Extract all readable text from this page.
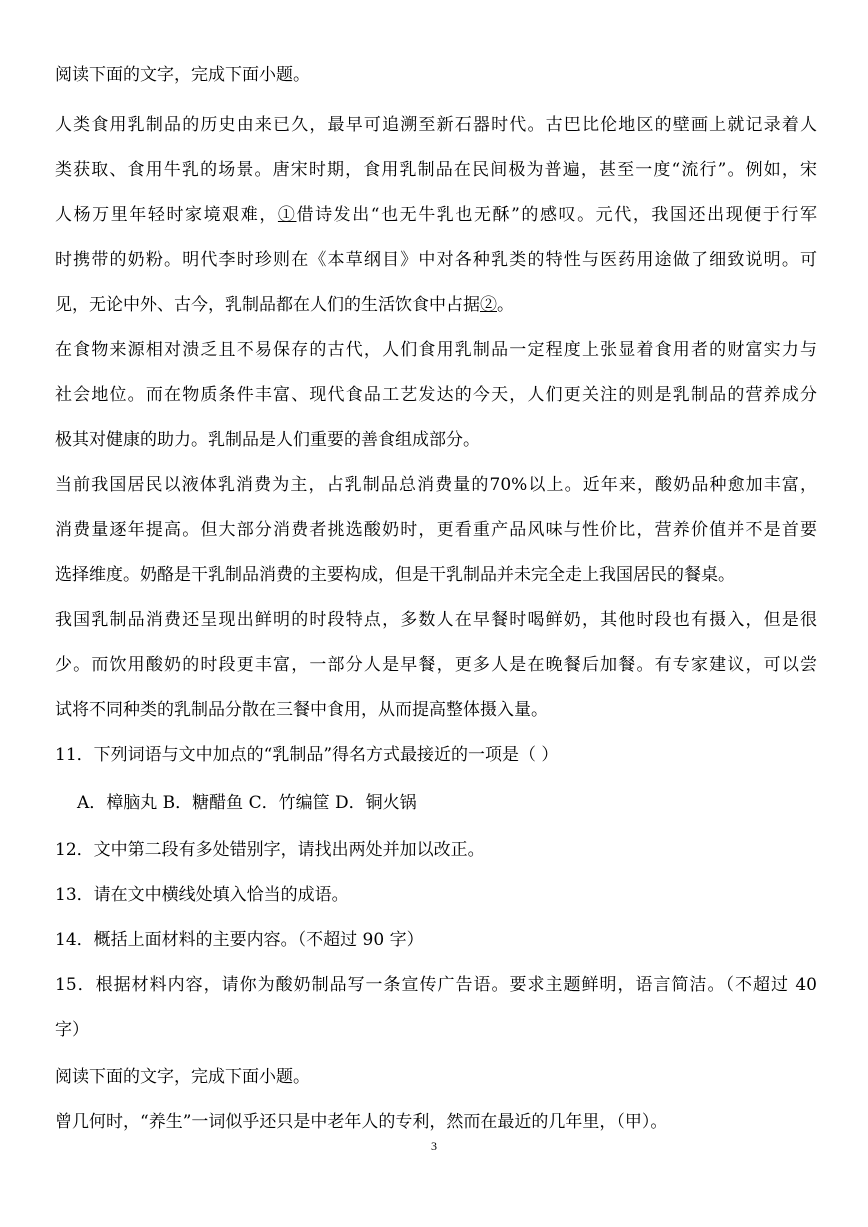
阅读下面的文字，完成下面小题。
人类食用乳制品的历史由来已久，最早可追溯至新石器时代。古巴比伦地区的壁画上就记录着人
类获取、食用牛乳的场景。唐宋时期，食用乳制品在民间极为普遍，甚至一度“流行”。例如，宋
人杨万里年轻时家境艰难，①借诗发出“也无牛乳也无酥”的感叹。元代，我国还出现便于行军
时携带的奶粉。明代李时珍则在《本草纲目》中对各种乳类的特性与医药用途做了细致说明。可
见，无论中外、古今，乳制品都在人们的生活饮食中占据②。
在食物来源相对溃乏且不易保存的古代，人们食用乳制品一定程度上张显着食用者的财富实力与
社会地位。而在物质条件丰富、现代食品工艺发达的今天，人们更关注的则是乳制品的营养成分
极其对健康的助力。乳制品是人们重要的善食组成部分。
当前我国居民以液体乳消费为主，占乳制品总消费量的70%以上。近年来，酸奶品种愈加丰富，
消费量逐年提高。但大部分消费者挑选酸奶时，更看重产品风味与性价比，营养价值并不是首要
选择维度。奶酪是干乳制品消费的主要构成，但是干乳制品并未完全走上我国居民的餐桌。
我国乳制品消费还呈现出鲜明的时段特点，多数人在早餐时喝鲜奶，其他时段也有摄入，但是很
少。而饮用酸奶的时段更丰富，一部分人是早餐，更多人是在晚餐后加餐。有专家建议，可以尝
试将不同种类的乳制品分散在三餐中食用，从而提高整体摄入量。
11．下列词语与文中加点的“乳制品”得名方式最接近的一项是（ ）
A．樟脑丸 B．糖醋鱼 C．竹编筐 D．铜火锅
12．文中第二段有多处错别字，请找出两处并加以改正。
13．请在文中横线处填入恰当的成语。
14．概括上面材料的主要内容。（不超过 90 字）
15．根据材料内容，请你为酸奶制品写一条宣传广告语。要求主题鲜明，语言简洁。（不超过 40
字）
阅读下面的文字，完成下面小题。
曾几何时，“养生”一词似乎还只是中老年人的专利，然而在最近的几年里，（甲）。
3
